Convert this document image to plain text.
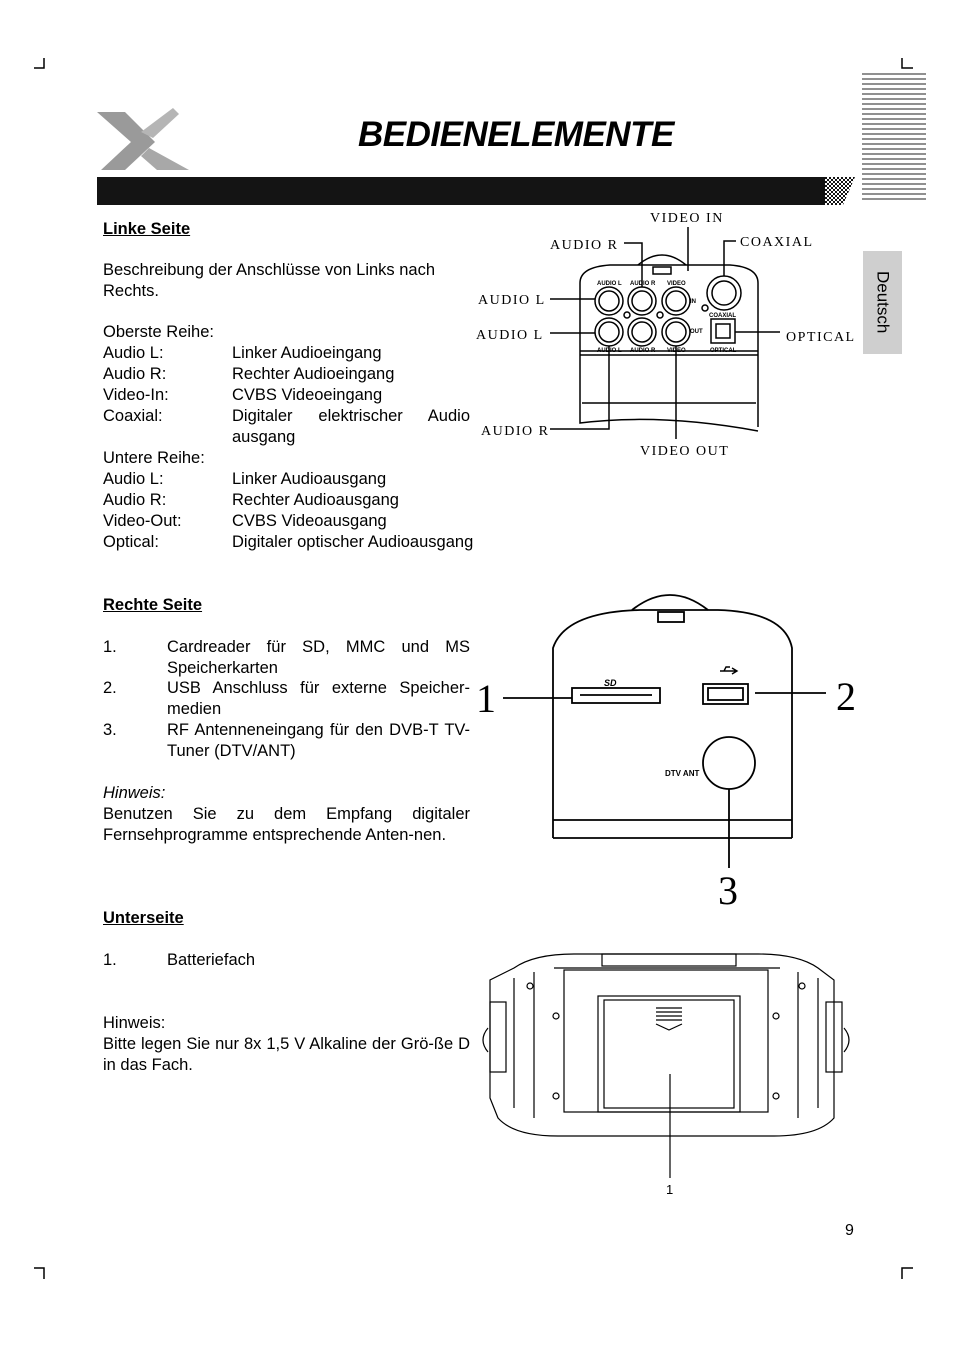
BEDIENELEMENTE
Deutsch
Linke Seite
Beschreibung der Anschlüsse von Links nach Rechts.
Oberste Reihe:
Audio L:	Linker Audioeingang
Audio R:	Rechter Audioeingang
Video-In:	CVBS Videoeingang
Coaxial:	Digitaler elektrischer Audio ausgang
Untere Reihe:
Audio L:	Linker Audioausgang
Audio R:	Rechter Audioausgang
Video-Out:	CVBS Videoausgang
Optical:	Digitaler optischer Audioausgang
AUDIO L AUDIO R VIDEO
IN
COAXIAL
AUDIO L AUDIO R VIDEO
OUT
OPTICAL
VIDEO IN
AUDIO R	COAXIAL
AUDIO L
AUDIO L	OPTICAL
AUDIO R
VIDEO OUT
Rechte Seite
1.	Cardreader für SD, MMC und MS Speicherkarten
2.	USB Anschluss für externe Speicher-medien
3.	RF Antenneneingang für den DVB-T TV-Tuner (DTV/ANT)
Hinweis:
Benutzen Sie zu dem Empfang digitaler Fernsehprogramme entsprechende Anten-nen.
SD
DTV ANT
1	2
3
Unterseite
1.	Batteriefach
Hinweis:
Bitte legen Sie nur 8x 1,5 V Alkaline der Grö-ße D in das Fach.
1
9
